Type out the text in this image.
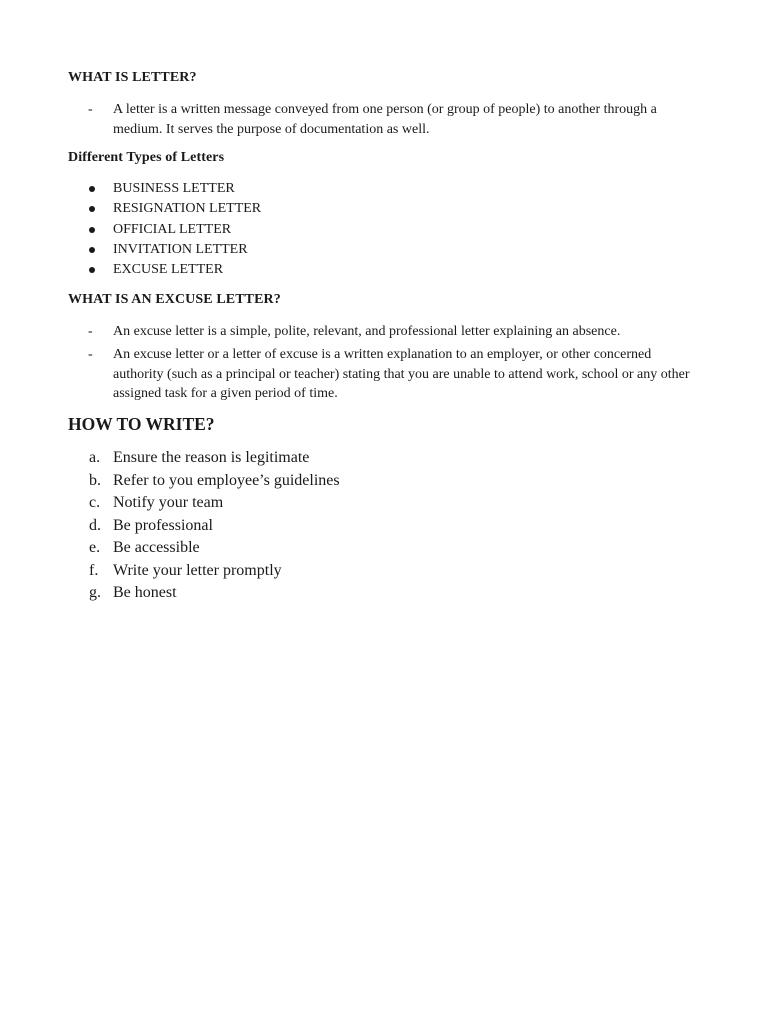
WHAT IS LETTER?
- A letter is a written message conveyed from one person (or group of people) to another through a medium. It serves the purpose of documentation as well.
Different Types of Letters
BUSINESS LETTER
RESIGNATION LETTER
OFFICIAL LETTER
INVITATION LETTER
EXCUSE LETTER
WHAT IS AN EXCUSE LETTER?
- An excuse letter is a simple, polite, relevant, and professional letter explaining an absence.
- An excuse letter or a letter of excuse is a written explanation to an employer, or other concerned authority (such as a principal or teacher) stating that you are unable to attend work, school or any other assigned task for a given period of time.
HOW TO WRITE?
a. Ensure the reason is legitimate
b. Refer to you employee’s guidelines
c. Notify your team
d. Be professional
e. Be accessible
f. Write your letter promptly
g. Be honest
